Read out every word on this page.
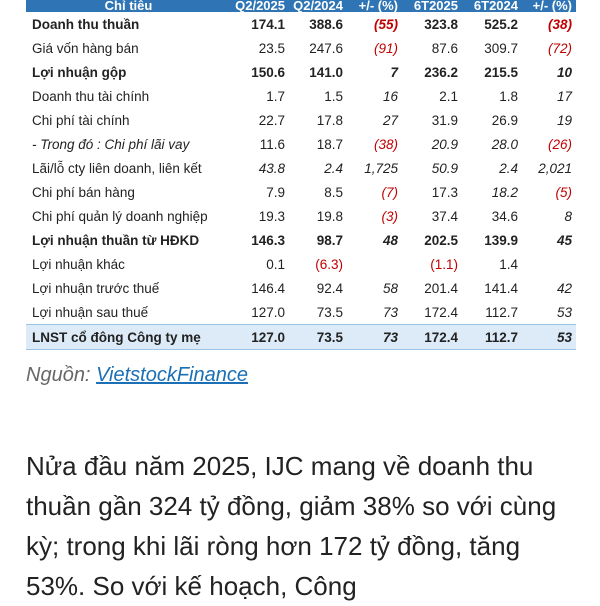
Chỉ tiêu	Q2/2025	Q2/2024	+/- (%)	6T2025	6T2024	+/- (%)
Doanh thu thuần	174.1	388.6	(55)	323.8	525.2	(38)
Giá vốn hàng bán	23.5	247.6	(91)	87.6	309.7	(72)
Lợi nhuận gộp	150.6	141.0	7	236.2	215.5	10
Doanh thu tài chính	1.7	1.5	16	2.1	1.8	17
Chi phí tài chính	22.7	17.8	27	31.9	26.9	19
- Trong đó : Chi phí lãi vay	11.6	18.7	(38)	20.9	28.0	(26)
Lãi/lỗ cty liên doanh, liên kết	43.8	2.4	1,725	50.9	2.4	2,021
Chi phí bán hàng	7.9	8.5	(7)	17.3	18.2	(5)
Chi phí quản lý doanh nghiệp	19.3	19.8	(3)	37.4	34.6	8
Lợi nhuận thuần từ HĐKD	146.3	98.7	48	202.5	139.9	45
Lợi nhuận khác	0.1	(6.3)		(1.1)	1.4	
Lợi nhuận trước thuế	146.4	92.4	58	201.4	141.4	42
Lợi nhuận sau thuế	127.0	73.5	73	172.4	112.7	53
LNST cổ đông Công ty mẹ	127.0	73.5	73	172.4	112.7	53
Nguồn: VietstockFinance
Nửa đầu năm 2025, IJC mang về doanh thu thuần gần 324 tỷ đồng, giảm 38% so với cùng kỳ; trong khi lãi ròng hơn 172 tỷ đồng, tăng 53%. So với kế hoạch, Công
